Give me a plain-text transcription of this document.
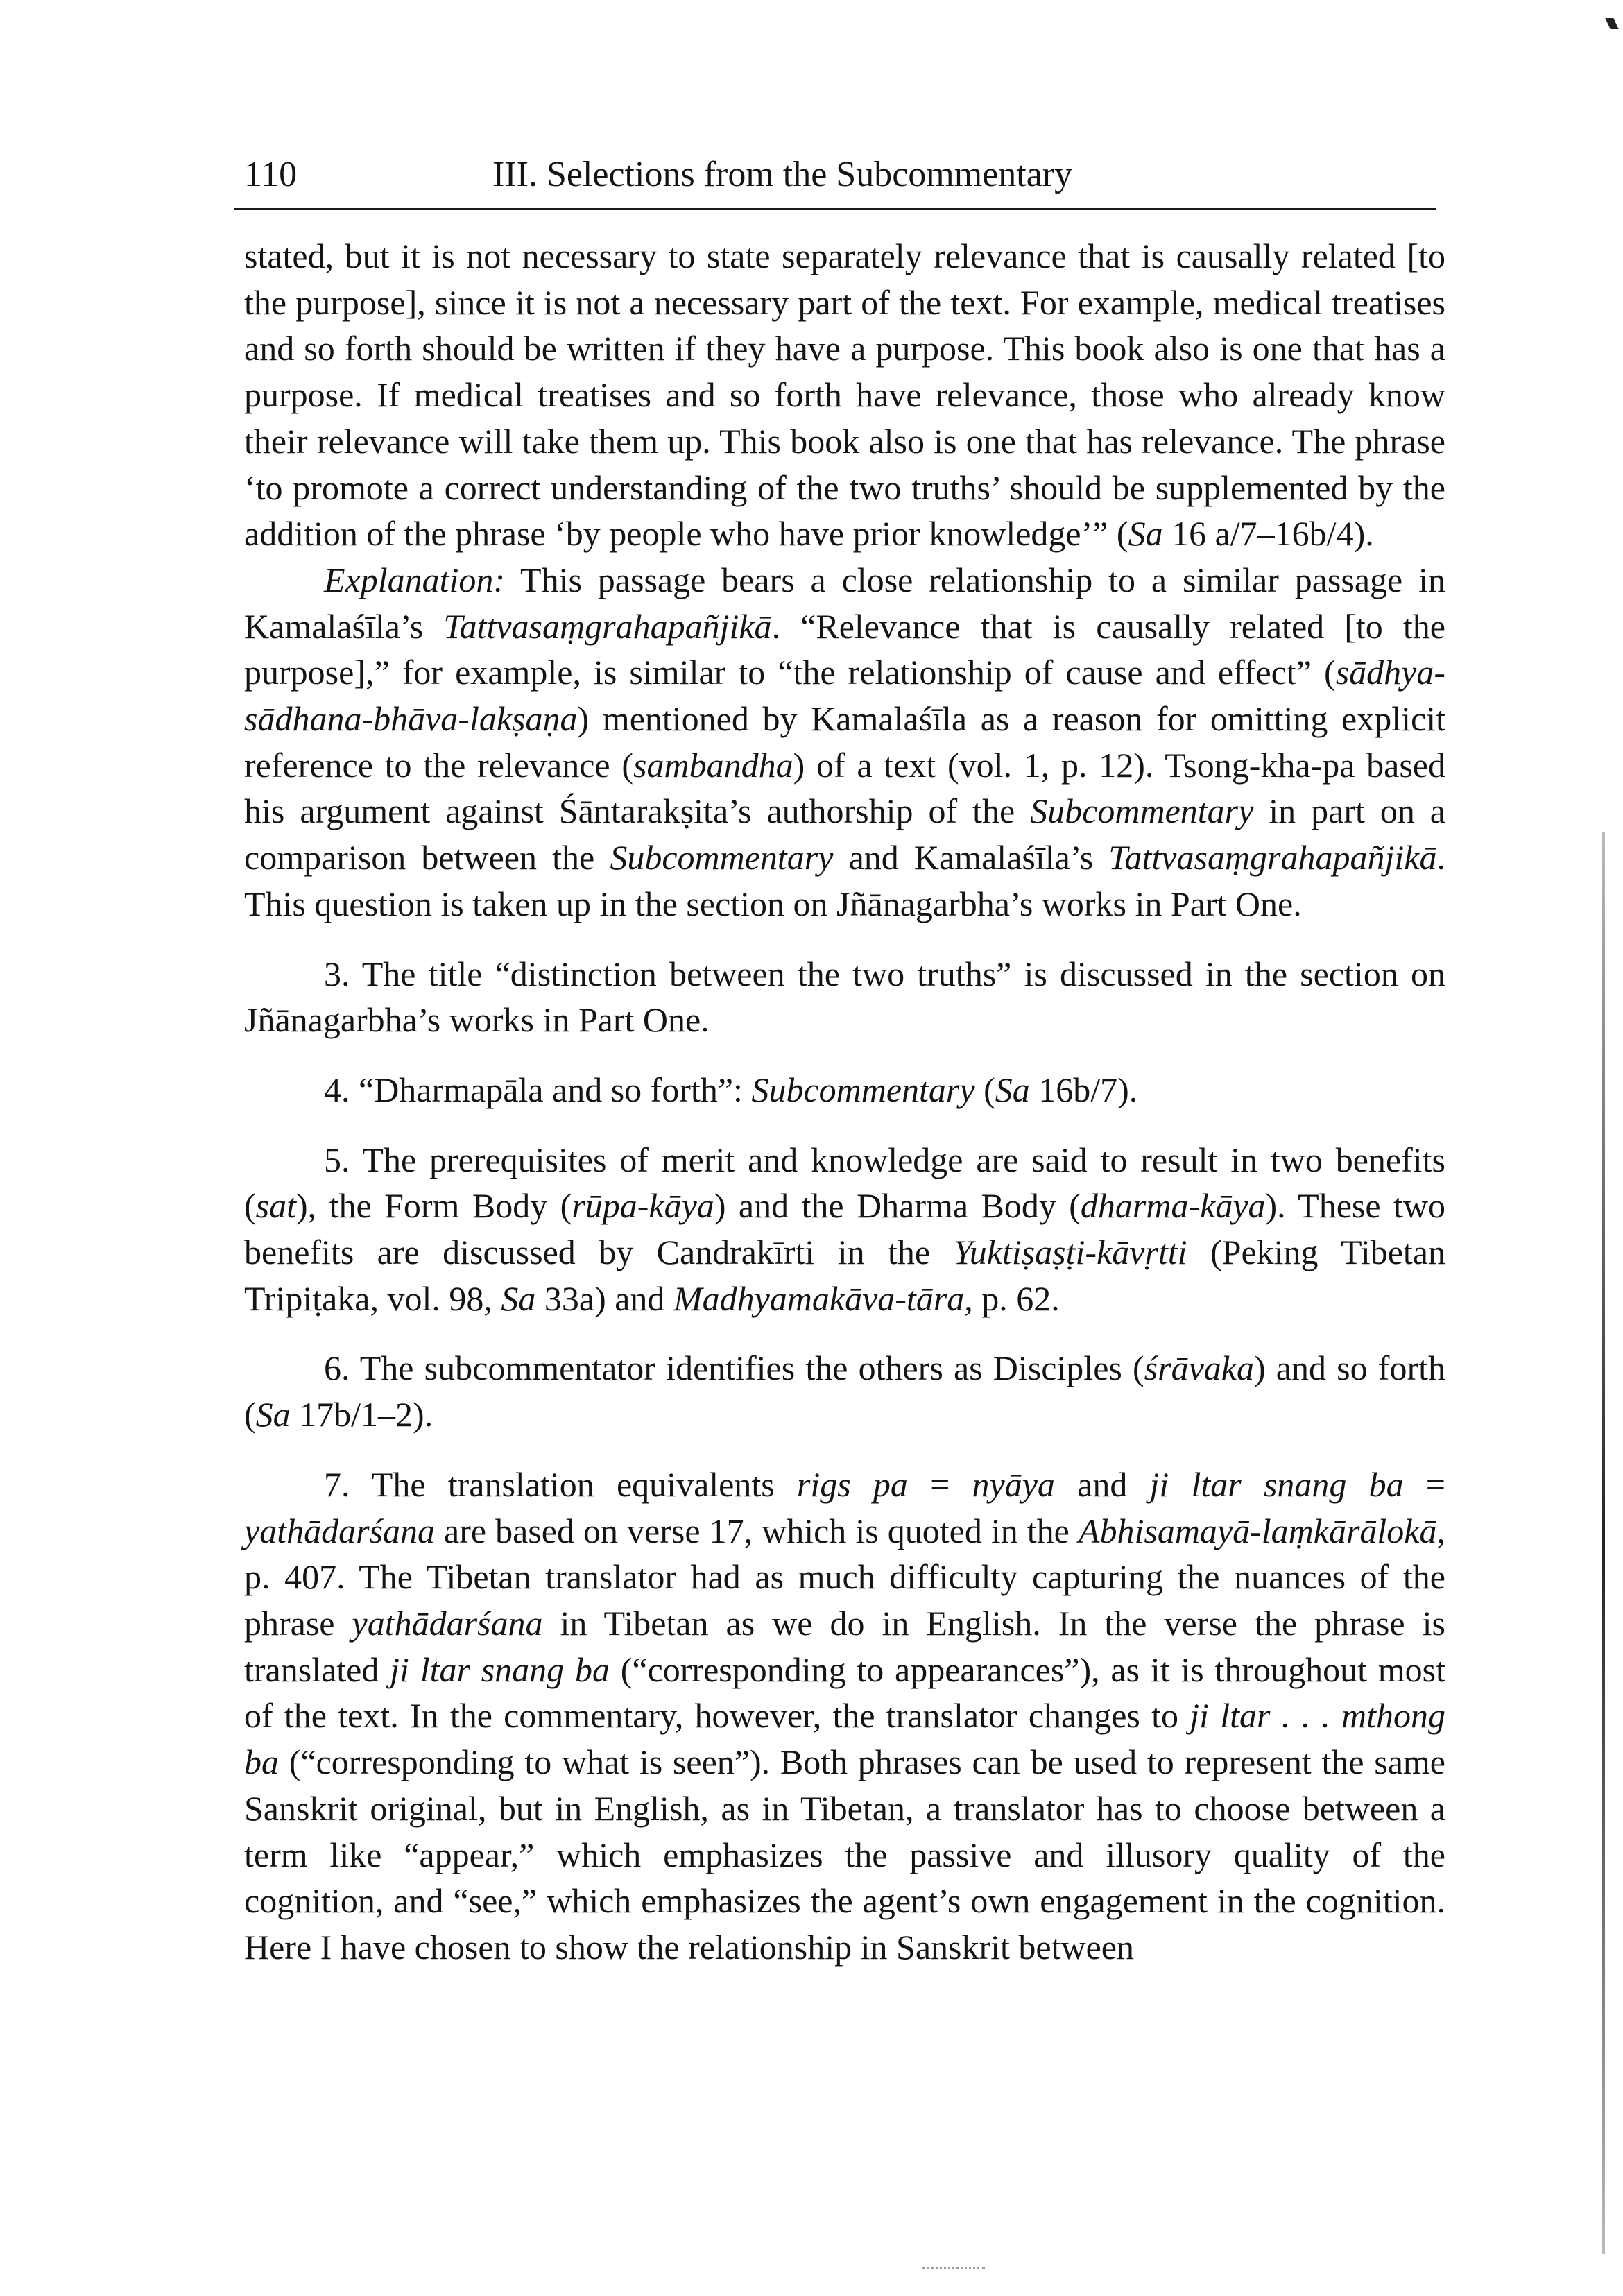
110	III. Selections from the Subcommentary

stated, but it is not necessary to state separately relevance that is causally related [to the purpose], since it is not a necessary part of the text. For example, medical treatises and so forth should be written if they have a purpose. This book also is one that has a purpose. If medical treatises and so forth have relevance, those who already know their relevance will take them up. This book also is one that has relevance. The phrase ‘to promote a correct understanding of the two truths’ should be supplemented by the addition of the phrase ‘by people who have prior knowledge’” (Sa 16 a/7–16b/4).

Explanation: This passage bears a close relationship to a similar passage in Kamalaśīla’s Tattvasaṃgrahapañjikā. “Relevance that is causally related [to the purpose],” for example, is similar to “the relationship of cause and effect” (sādhya-sādhana-bhāva-lakṣaṇa) mentioned by Kamalaśīla as a reason for omitting explicit reference to the relevance (sambandha) of a text (vol. 1, p. 12). Tsong-kha-pa based his argument against Śāntarakṣita’s authorship of the Subcommentary in part on a comparison between the Subcommentary and Kamalaśīla’s Tattvasaṃgrahapañjikā. This question is taken up in the section on Jñānagarbha’s works in Part One.

3. The title “distinction between the two truths” is discussed in the section on Jñānagarbha’s works in Part One.

4. “Dharmapāla and so forth”: Subcommentary (Sa 16b/7).

5. The prerequisites of merit and knowledge are said to result in two benefits (sat), the Form Body (rūpa-kāya) and the Dharma Body (dharma-kāya). These two benefits are discussed by Candrakīrti in the Yuktiṣaṣṭi-kāvṛtti (Peking Tibetan Tripiṭaka, vol. 98, Sa 33a) and Madhyamakāva-tāra, p. 62.

6. The subcommentator identifies the others as Disciples (śrāvaka) and so forth (Sa 17b/1–2).

7. The translation equivalents rigs pa = nyāya and ji ltar snang ba = yathādarśana are based on verse 17, which is quoted in the Abhisamayā-laṃkārālokā, p. 407. The Tibetan translator had as much difficulty capturing the nuances of the phrase yathādarśana in Tibetan as we do in English. In the verse the phrase is translated ji ltar snang ba (“corresponding to appearances”), as it is throughout most of the text. In the commentary, however, the translator changes to ji ltar . . . mthong ba (“corresponding to what is seen”). Both phrases can be used to represent the same Sanskrit original, but in English, as in Tibetan, a translator has to choose between a term like “appear,” which emphasizes the passive and illusory quality of the cognition, and “see,” which emphasizes the agent’s own engagement in the cognition. Here I have chosen to show the relationship in Sanskrit between
